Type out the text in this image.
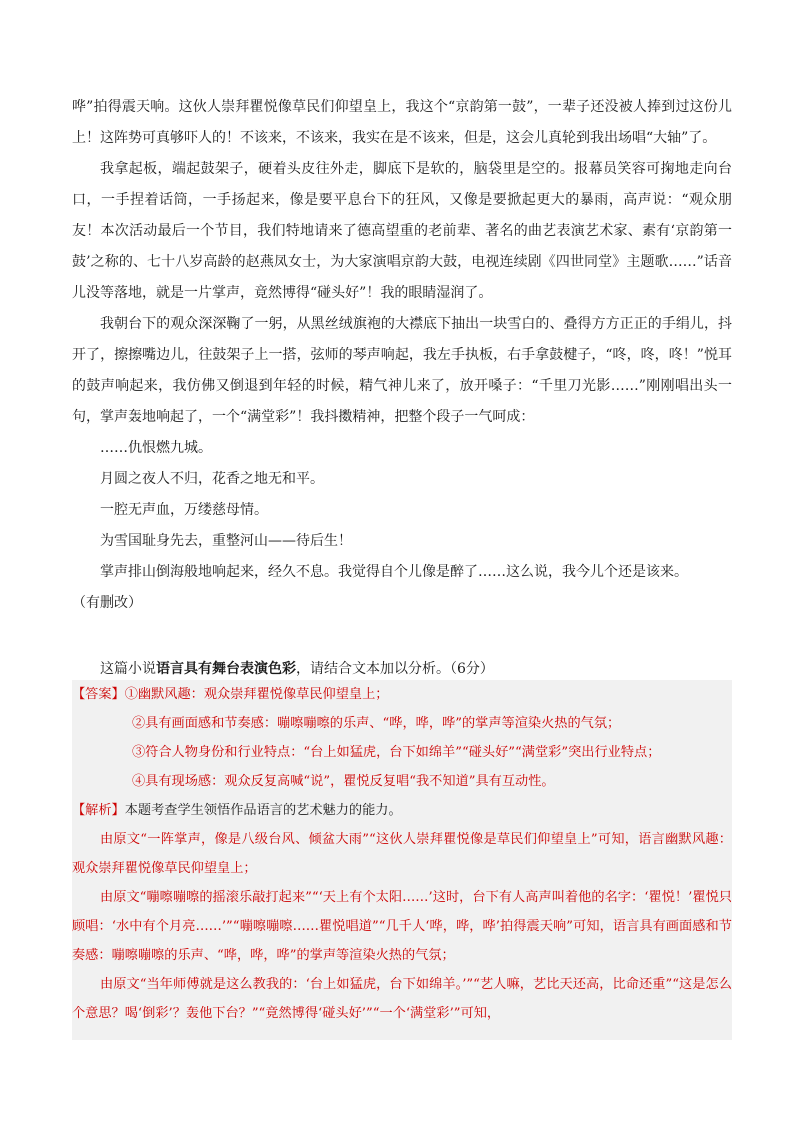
哗”拍得震天响。这伙人崇拜瞿悦像草民们仰望皇上，我这个“京韵第一鼓”，一辈子还没被人捧到过这份儿上！这阵势可真够吓人的！不该来，不该来，我实在是不该来，但是，这会儿真轮到我出场唱“大轴”了。

我拿起板，端起鼓架子，硬着头皮往外走，脚底下是软的，脑袋里是空的。报幕员笑容可掬地走向台口，一手捏着话筒，一手扬起来，像是要平息台下的狂风，又像是要掀起更大的暴雨，高声说：“观众朋友！本次活动最后一个节目，我们特地请来了德高望重的老前辈、著名的曲艺表演艺术家、素有‘京韵第一鼓’之称的、七十八岁高龄的赵燕凤女士，为大家演唱京韵大鼓，电视连续剧《四世同堂》主题歌……”话音儿没等落地，就是一片掌声，竟然博得“碰头好”！我的眼睛湿润了。

我朝台下的观众深深鞠了一躬，从黑丝绒旗袍的大襟底下抽出一块雪白的、叠得方方正正的手绢儿，抖开了，擦擦嘴边儿，往鼓架子上一搭，弦师的琴声响起，我左手执板，右手拿鼓楗子，“咚，咚，咚！”悦耳的鼓声响起来，我仿佛又倒退到年轻的时候，精气神儿来了，放开嗓子：“千里刀光影……”刚刚唱出头一句，掌声轰地响起了，一个“满堂彩”！我抖擞精神，把整个段子一气呵成：

……仇恨燃九城。

月圆之夜人不归，花香之地无和平。

一腔无声血，万缕慈母情。

为雪国耻身先去，重整河山——待后生！

掌声排山倒海般地响起来，经久不息。我觉得自个儿像是醉了……这么说，我今儿个还是该来。

（有删改）

这篇小说语言具有舞台表演色彩，请结合文本加以分析。（6分）

【答案】①幽默风趣：观众崇拜瞿悦像草民仰望皇上；

②具有画面感和节奏感：嘣嚓嘣嚓的乐声、“哗，哗，哗”的掌声等渲染火热的气氛；

③符合人物身份和行业特点：“台上如猛虎，台下如绵羊”“碰头好”“满堂彩”突出行业特点；

④具有现场感：观众反复高喊“说”，瞿悦反复唱“我不知道”具有互动性。

【解析】本题考查学生领悟作品语言的艺术魅力的能力。

由原文“一阵掌声，像是八级台风、倾盆大雨”“这伙人崇拜瞿悦像是草民们仰望皇上”可知，语言幽默风趣：观众崇拜瞿悦像草民仰望皇上；

由原文“嘣嚓嘣嚓的摇滚乐敲打起来”“‘天上有个太阳……’这时，台下有人高声叫着他的名字：‘瞿悦！’瞿悦只顾唱：‘水中有个月亮……’”“嘣嚓嘣嚓……瞿悦唱道”“几千人‘哗，哗，哗’拍得震天响”可知，语言具有画面感和节奏感：嘣嚓嘣嚓的乐声、“哗，哗，哗”的掌声等渲染火热的气氛；

由原文“当年师傅就是这么教我的：‘台上如猛虎，台下如绵羊。’”“艺人嘛，艺比天还高，比命还重”“这是怎么个意思？喝‘倒彩’？轰他下台？”“竟然博得‘碰头好’”“一个‘满堂彩’”可知，
